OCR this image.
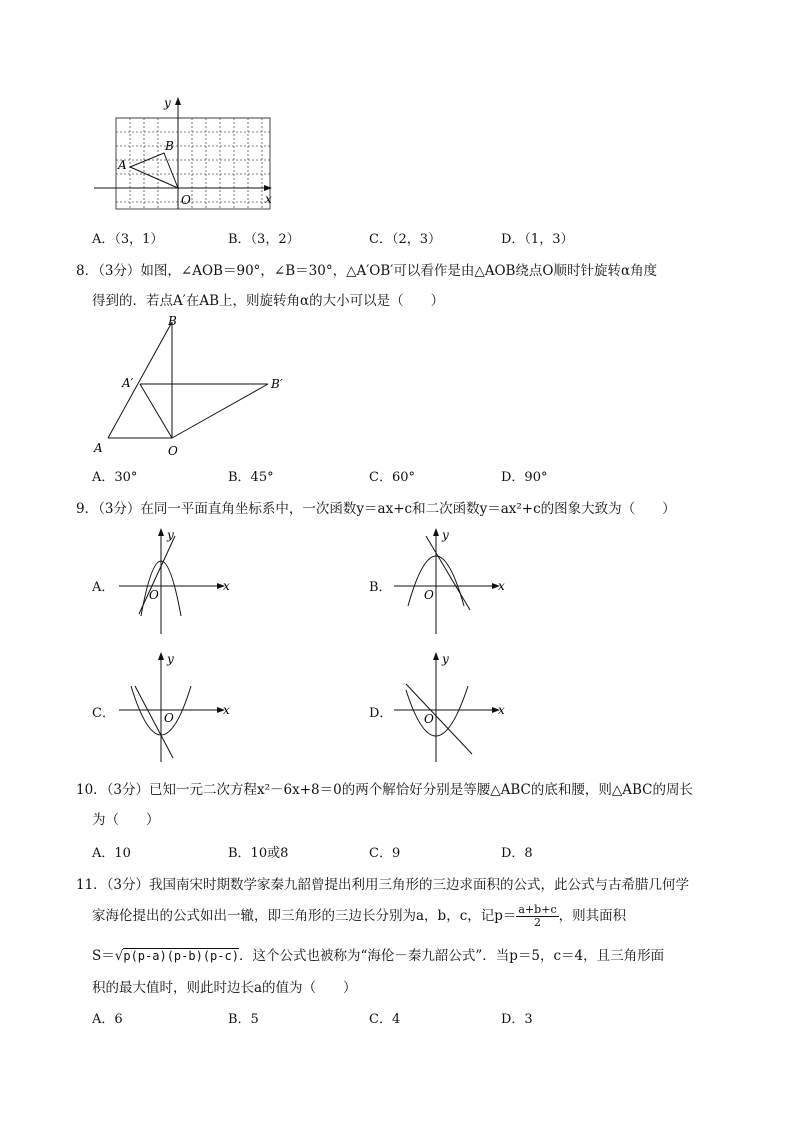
y
x
A
B
O
A．（3，1）	B．（3，2）	C．（2，3）	D．（1，3）
8．（3分）如图，∠AOB＝90°，∠B＝30°，△A′OB′可以看作是由△AOB绕点O顺时针旋转α角度
得到的．若点A′在AB上，则旋转角α的大小可以是（　　）
B
A′	B′
A	O
A．30°	B．45°	C．60°	D．90°
9．（3分）在同一平面直角坐标系中，一次函数y＝ax+c和二次函数y＝ax²+c的图象大致为（　　）
A．
y
x
O	B．
y
x
O
C．
y
x
O	D．
y
x
O
10．（3分）已知一元二次方程x²－6x+8＝0的两个解恰好分别是等腰△ABC的底和腰，则△ABC的周长
为（　　）
A．10	B．10或8	C．9	D．8
11．（3分）我国南宋时期数学家秦九韶曾提出利用三角形的三边求面积的公式，此公式与古希腊几何学
家海伦提出的公式如出一辙，即三角形的三边长分别为a，b，c，记$p= \frac{a+b+c}{2}$ ，则其面积
S＝√p(p-a)(p-b)(p-c)．这个公式也被称为“海伦－秦九韶公式”．当p＝5，c＝4，且三角形面
积的最大值时，则此时边长a的值为（　　）
A．6	B．5	C．4	D．3
